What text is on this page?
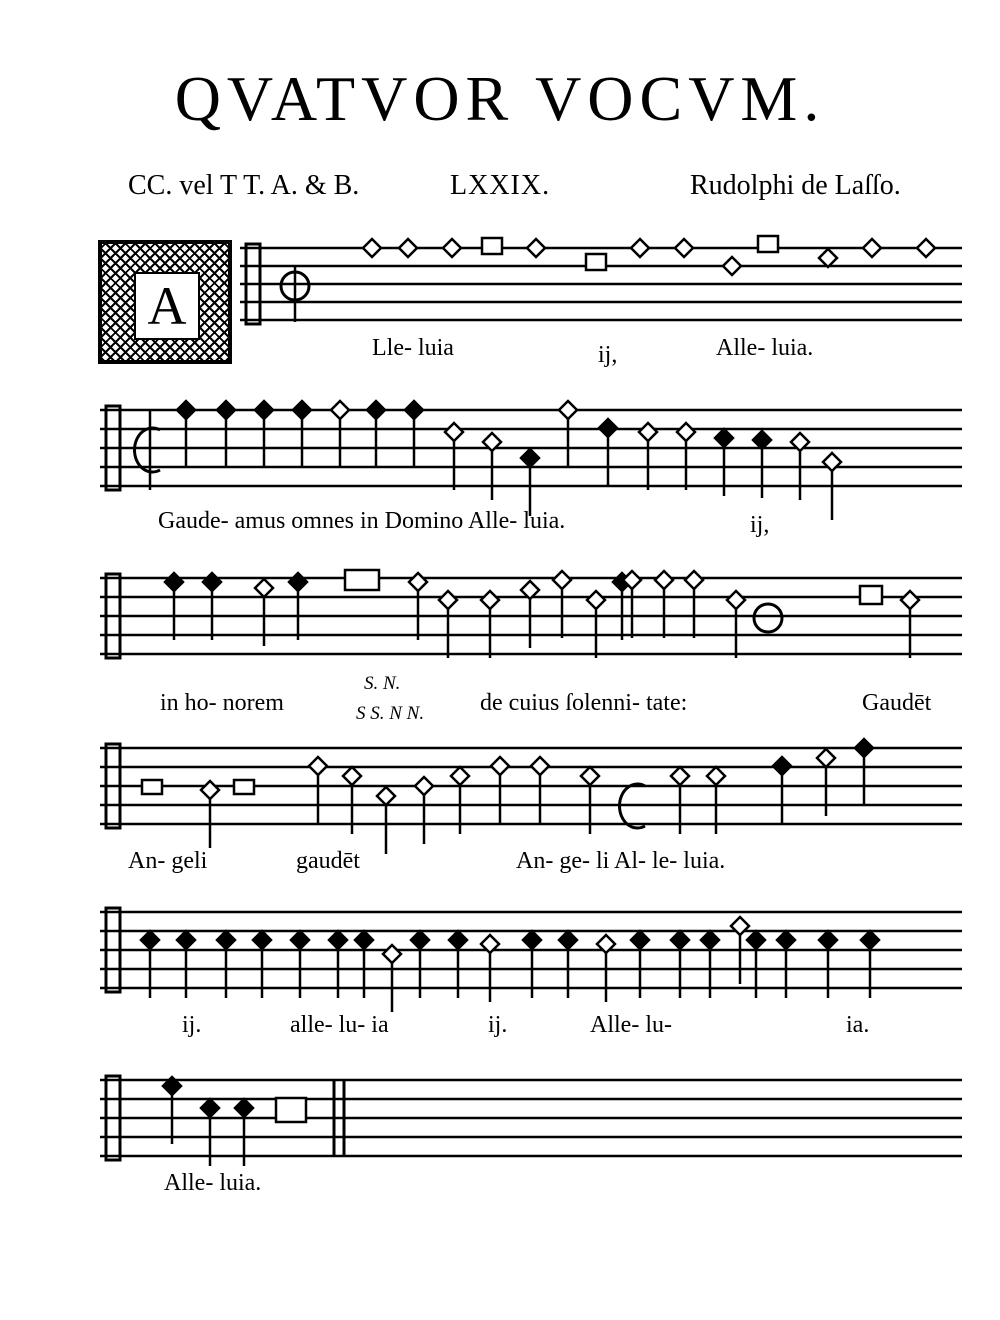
QVATVOR VOCVM.
CC. vel T T. A. & B.	LXXIX.	Rudolphi de Laſſo.
A
Lle- luia	ij,	Alle- luia.
Gaude- amus omnes in Domino Alle- luia.	ij,
in ho- norem
S. N.
S S. N N. de cuius ſolenni- tate:	Gaudēt
An- geli	gaudēt	An- ge- li Al- le- luia.
ij.	alle- lu- ia	ij.	Alle- lu-	ia.
Alle- luia.
